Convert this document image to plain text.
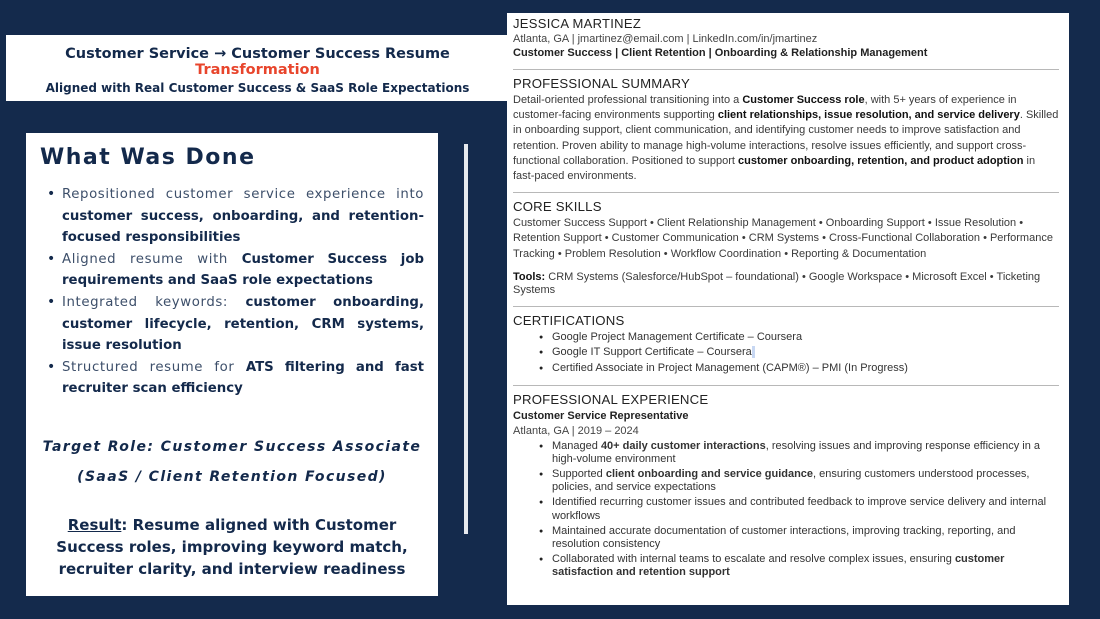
Customer Service → Customer Success Resume Transformation
Aligned with Real Customer Success & SaaS Role Expectations
What Was Done
• Repositioned customer service experience into customer success, onboarding, and retention-focused responsibilities
• Aligned resume with Customer Success job requirements and SaaS role expectations
• Integrated keywords: customer onboarding, customer lifecycle, retention, CRM systems, issue resolution
• Structured resume for ATS filtering and fast recruiter scan efficiency
Target Role: Customer Success Associate
(SaaS / Client Retention Focused)
Result: Resume aligned with Customer Success roles, improving keyword match, recruiter clarity, and interview readiness
JESSICA MARTINEZ
Atlanta, GA | jmartinez@email.com | LinkedIn.com/in/jmartinez
Customer Success | Client Retention | Onboarding & Relationship Management
PROFESSIONAL SUMMARY
Detail-oriented professional transitioning into a Customer Success role, with 5+ years of experience in customer-facing environments supporting client relationships, issue resolution, and service delivery. Skilled in onboarding support, client communication, and identifying customer needs to improve satisfaction and retention. Proven ability to manage high-volume interactions, resolve issues efficiently, and support cross-functional collaboration. Positioned to support customer onboarding, retention, and product adoption in fast-paced environments.
CORE SKILLS
Customer Success Support • Client Relationship Management • Onboarding Support • Issue Resolution • Retention Support • Customer Communication • CRM Systems • Cross-Functional Collaboration • Performance Tracking • Problem Resolution • Workflow Coordination • Reporting & Documentation
Tools: CRM Systems (Salesforce/HubSpot – foundational) • Google Workspace • Microsoft Excel • Ticketing Systems
CERTIFICATIONS
● Google Project Management Certificate – Coursera
● Google IT Support Certificate – Coursera
● Certified Associate in Project Management (CAPM®) – PMI (In Progress)
PROFESSIONAL EXPERIENCE
Customer Service Representative
Atlanta, GA | 2019 – 2024
● Managed 40+ daily customer interactions, resolving issues and improving response efficiency in a high-volume environment
● Supported client onboarding and service guidance, ensuring customers understood processes, policies, and service expectations
● Identified recurring customer issues and contributed feedback to improve service delivery and internal workflows
● Maintained accurate documentation of customer interactions, improving tracking, reporting, and resolution consistency
● Collaborated with internal teams to escalate and resolve complex issues, ensuring customer satisfaction and retention support
